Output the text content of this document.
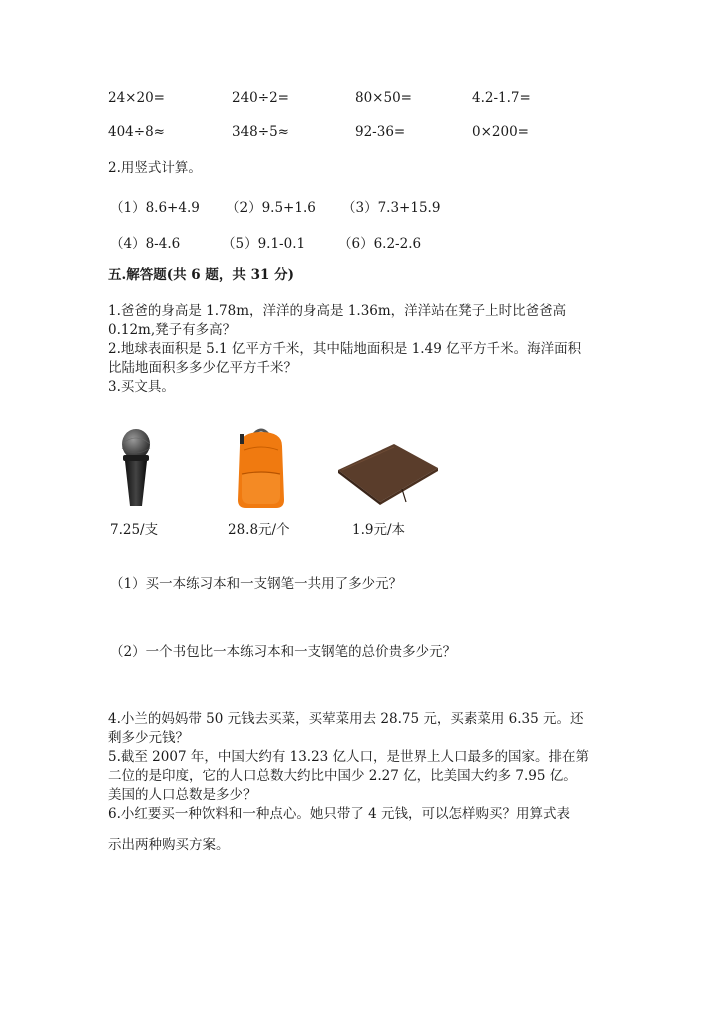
24×20=	240÷2=	80×50=	4.2-1.7=
404÷8≈	348÷5≈	92-36=	0×200=
2.用竖式计算。
（1）8.6+4.9 （2）9.5+1.6 （3）7.3+15.9
（4）8-4.6	（5）9.1-0.1 （6）6.2-2.6
五.解答题(共 6 题，共 31 分)
1.爸爸的身高是 1.78m，洋洋的身高是 1.36m，洋洋站在凳子上时比爸爸高
0.12m,凳子有多高？
2.地球表面积是 5.1 亿平方千米，其中陆地面积是 1.49 亿平方千米。海洋面积
比陆地面积多多少亿平方千米？
3.买文具。
7.25/支	28.8元/个	1.9元/本
（1）买一本练习本和一支钢笔一共用了多少元？
（2）一个书包比一本练习本和一支钢笔的总价贵多少元？
4.小兰的妈妈带 50 元钱去买菜，买荤菜用去 28.75 元，买素菜用 6.35 元。还
剩多少元钱？
5.截至 2007 年，中国大约有 13.23 亿人口，是世界上人口最多的国家。排在第
二位的是印度，它的人口总数大约比中国少 2.27 亿，比美国大约多 7.95 亿。
美国的人口总数是多少？
6.小红要买一种饮料和一种点心。她只带了 4 元钱，可以怎样购买？用算式表
示出两种购买方案。
